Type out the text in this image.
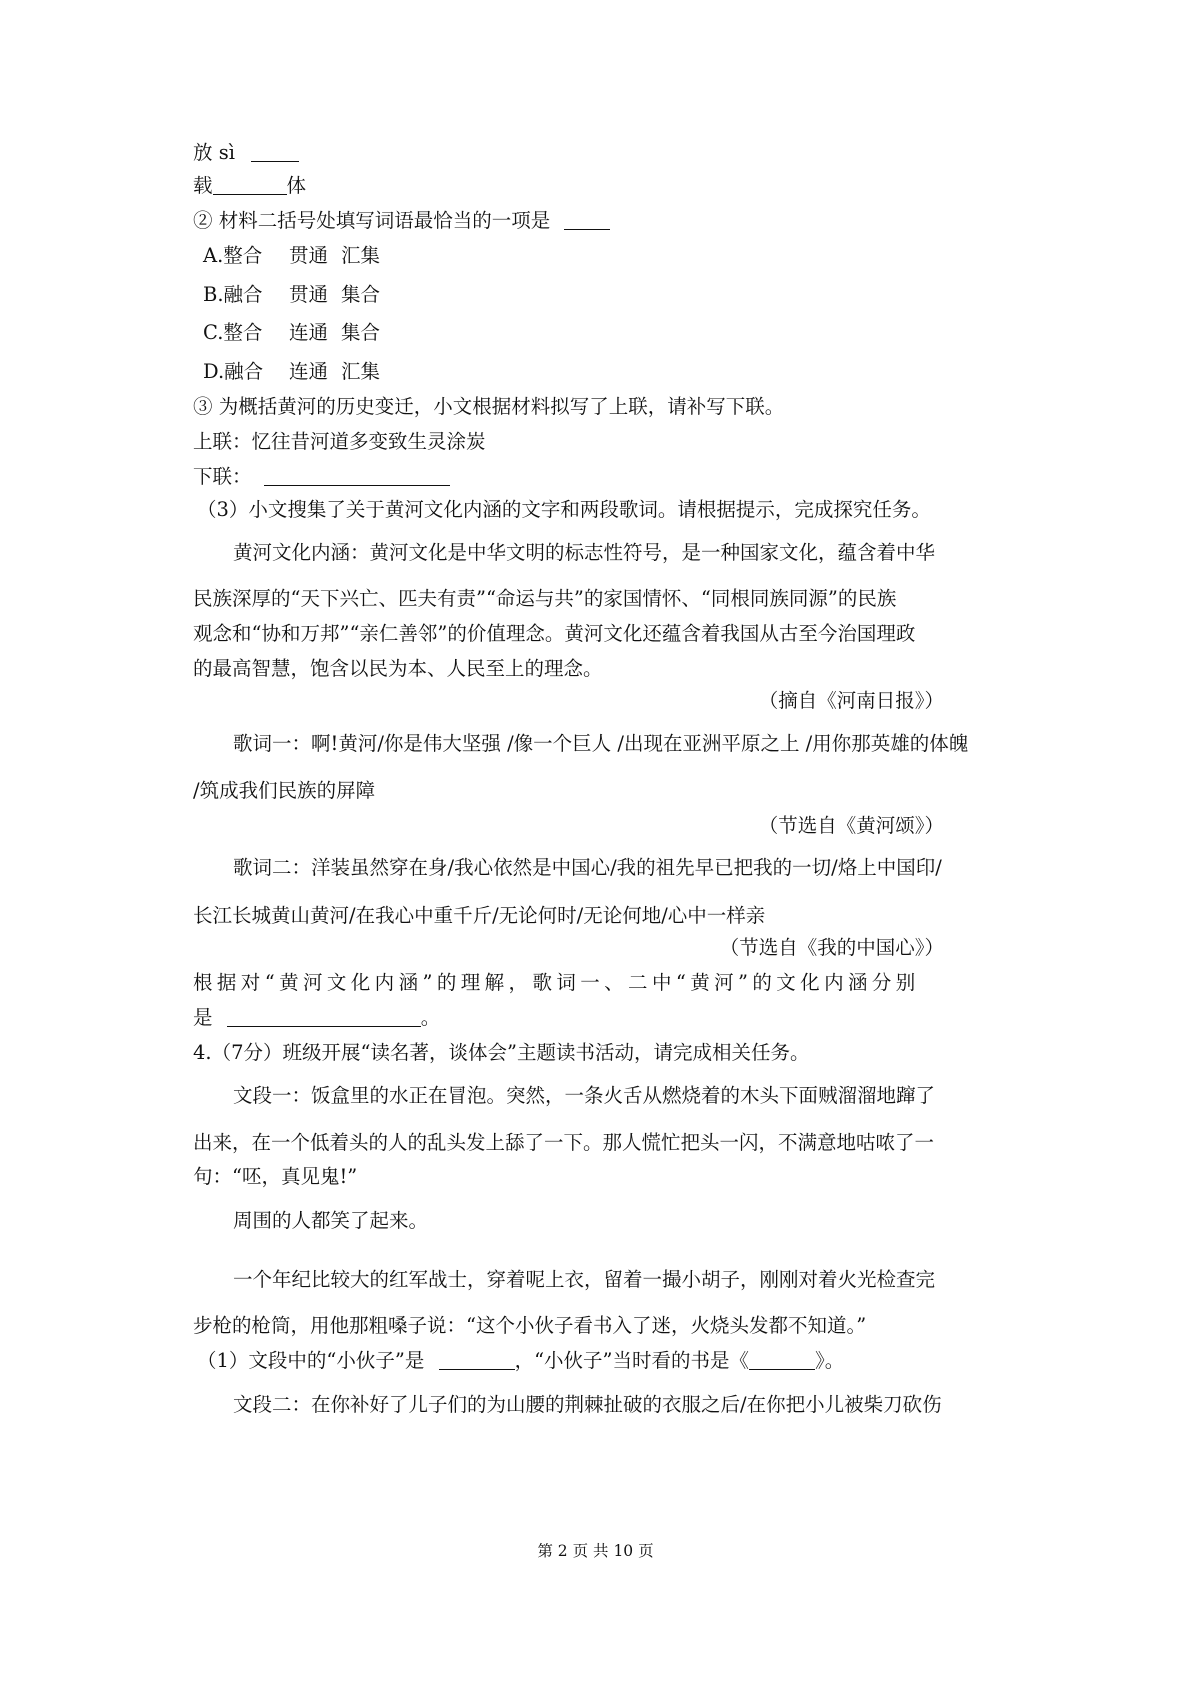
放 sì
载	体
② 材料二括号处填写词语最恰当的一项是
A.整合 贯通 汇集
B.融合 贯通 集合
C.整合 连通 集合
D.融合 连通 汇集
③ 为概括黄河的历史变迁，小文根据材料拟写了上联，请补写下联。
上联：忆往昔河道多变致生灵涂炭
下联：
（3）小文搜集了关于黄河文化内涵的文字和两段歌词。请根据提示，完成探究任务。
黄河文化内涵：黄河文化是中华文明的标志性符号，是一种国家文化，蕴含着中华
民族深厚的“天下兴亡、匹夫有责”“命运与共”的家国情怀、“同根同族同源”的民族
观念和“协和万邦”“亲仁善邻”的价值理念。黄河文化还蕴含着我国从古至今治国理政
的最高智慧，饱含以民为本、人民至上的理念。
（摘自《河南日报》）
歌词一：啊!黄河/你是伟大坚强 /像一个巨人 /出现在亚洲平原之上 /用你那英雄的体魄
/筑成我们民族的屏障
（节选自《黄河颂》）
歌词二：洋装虽然穿在身/我心依然是中国心/我的祖先早已把我的一切/烙上中国印/
长江长城黄山黄河/在我心中重千斤/无论何时/无论何地/心中一样亲
（节选自《我的中国心》）
根据对“黄河文化内涵”的理解，歌词一、二中“黄河”的文化内涵分别
是	。
4.（7分）班级开展“读名著，谈体会”主题读书活动，请完成相关任务。
文段一：饭盒里的水正在冒泡。突然，一条火舌从燃烧着的木头下面贼溜溜地蹿了
出来，在一个低着头的人的乱头发上舔了一下。那人慌忙把头一闪，不满意地咕哝了一
句：“呸，真见鬼!”
周围的人都笑了起来。
一个年纪比较大的红军战士，穿着呢上衣，留着一撮小胡子，刚刚对着火光检查完
步枪的枪筒，用他那粗嗓子说：“这个小伙子看书入了迷，火烧头发都不知道。”
（1）文段中的“小伙子”是	，“小伙子”当时看的书是《	》。
文段二：在你补好了儿子们的为山腰的荆棘扯破的衣服之后/在你把小儿被柴刀砍伤
第 2 页 共 10 页
